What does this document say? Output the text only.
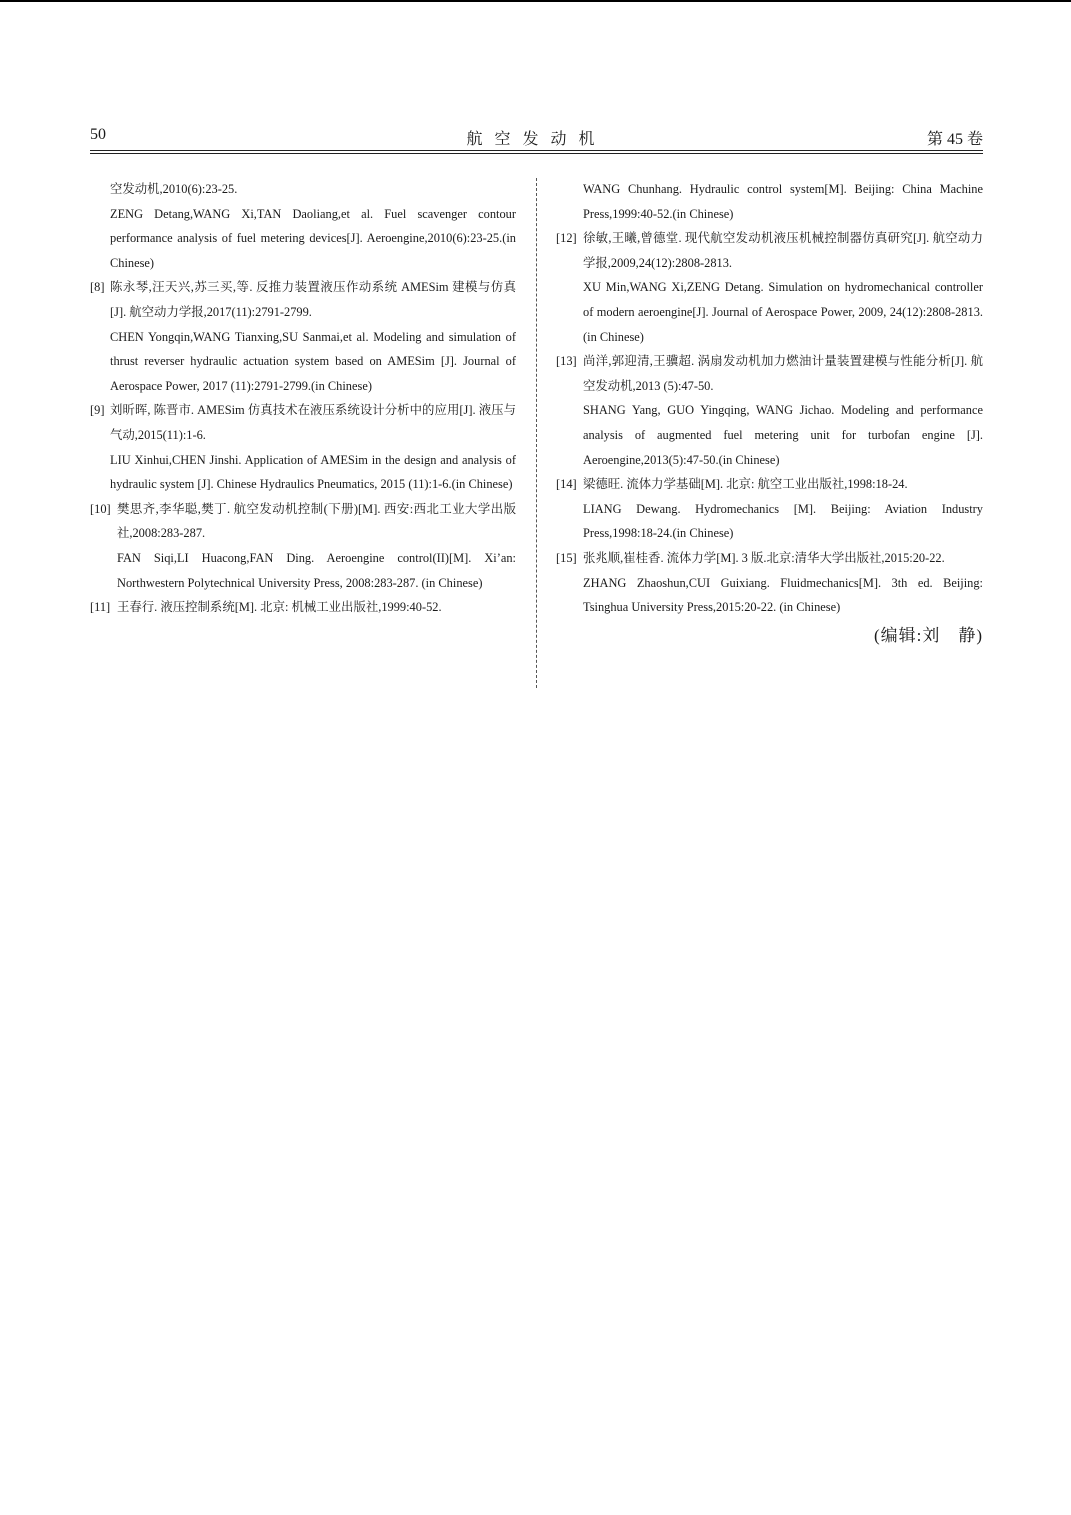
50	航空发动机	第 45 卷

空发动机,2010(6):23-25.

ZENG Detang,WANG Xi,TAN Daoliang,et al. Fuel scavenger contour performance analysis of fuel metering devices[J]. Aeroengine,2010(6):23-25.(in Chinese)

[8] 陈永琴,汪天兴,苏三买,等. 反推力装置液压作动系统 AMESim 建模与仿真[J]. 航空动力学报,2017(11):2791-2799.

CHEN Yongqin,WANG Tianxing,SU Sanmai,et al. Modeling and simulation of thrust reverser hydraulic actuation system based on AMESim [J]. Journal of Aerospace Power, 2017 (11):2791-2799.(in Chinese)

[9] 刘昕晖, 陈晋市. AMESim 仿真技术在液压系统设计分析中的应用[J]. 液压与气动,2015(11):1-6.

LIU Xinhui,CHEN Jinshi. Application of AMESim in the design and analysis of hydraulic system [J]. Chinese Hydraulics Pneumatics, 2015 (11):1-6.(in Chinese)

[10] 樊思齐,李华聪,樊丁. 航空发动机控制(下册)[M]. 西安:西北工业大学出版社,2008:283-287.

FAN Siqi,LI Huacong,FAN Ding. Aeroengine control(II)[M]. Xi’an: Northwestern Polytechnical University Press, 2008:283-287. (in Chinese)

[11] 王春行. 液压控制系统[M]. 北京: 机械工业出版社,1999:40-52.

WANG Chunhang. Hydraulic control system[M]. Beijing: China Machine Press,1999:40-52.(in Chinese)

[12] 徐敏,王曦,曾德堂. 现代航空发动机液压机械控制器仿真研究[J]. 航空动力学报,2009,24(12):2808-2813.

XU Min,WANG Xi,ZENG Detang. Simulation on hydromechanical controller of modern aeroengine[J]. Journal of Aerospace Power, 2009, 24(12):2808-2813.(in Chinese)

[13] 尚洋,郭迎清,王骥超. 涡扇发动机加力燃油计量装置建模与性能分析[J]. 航空发动机,2013 (5):47-50.

SHANG Yang, GUO Yingqing, WANG Jichao. Modeling and performance analysis of augmented fuel metering unit for turbofan engine [J]. Aeroengine,2013(5):47-50.(in Chinese)

[14] 梁德旺. 流体力学基础[M]. 北京: 航空工业出版社,1998:18-24.

LIANG Dewang. Hydromechanics [M]. Beijing: Aviation Industry Press,1998:18-24.(in Chinese)

[15] 张兆顺,崔桂香. 流体力学[M]. 3 版.北京:清华大学出版社,2015:20-22.

ZHANG Zhaoshun,CUI Guixiang. Fluidmechanics[M]. 3th ed. Beijing: Tsinghua University Press,2015:20-22. (in Chinese)

(编辑:刘　静)
